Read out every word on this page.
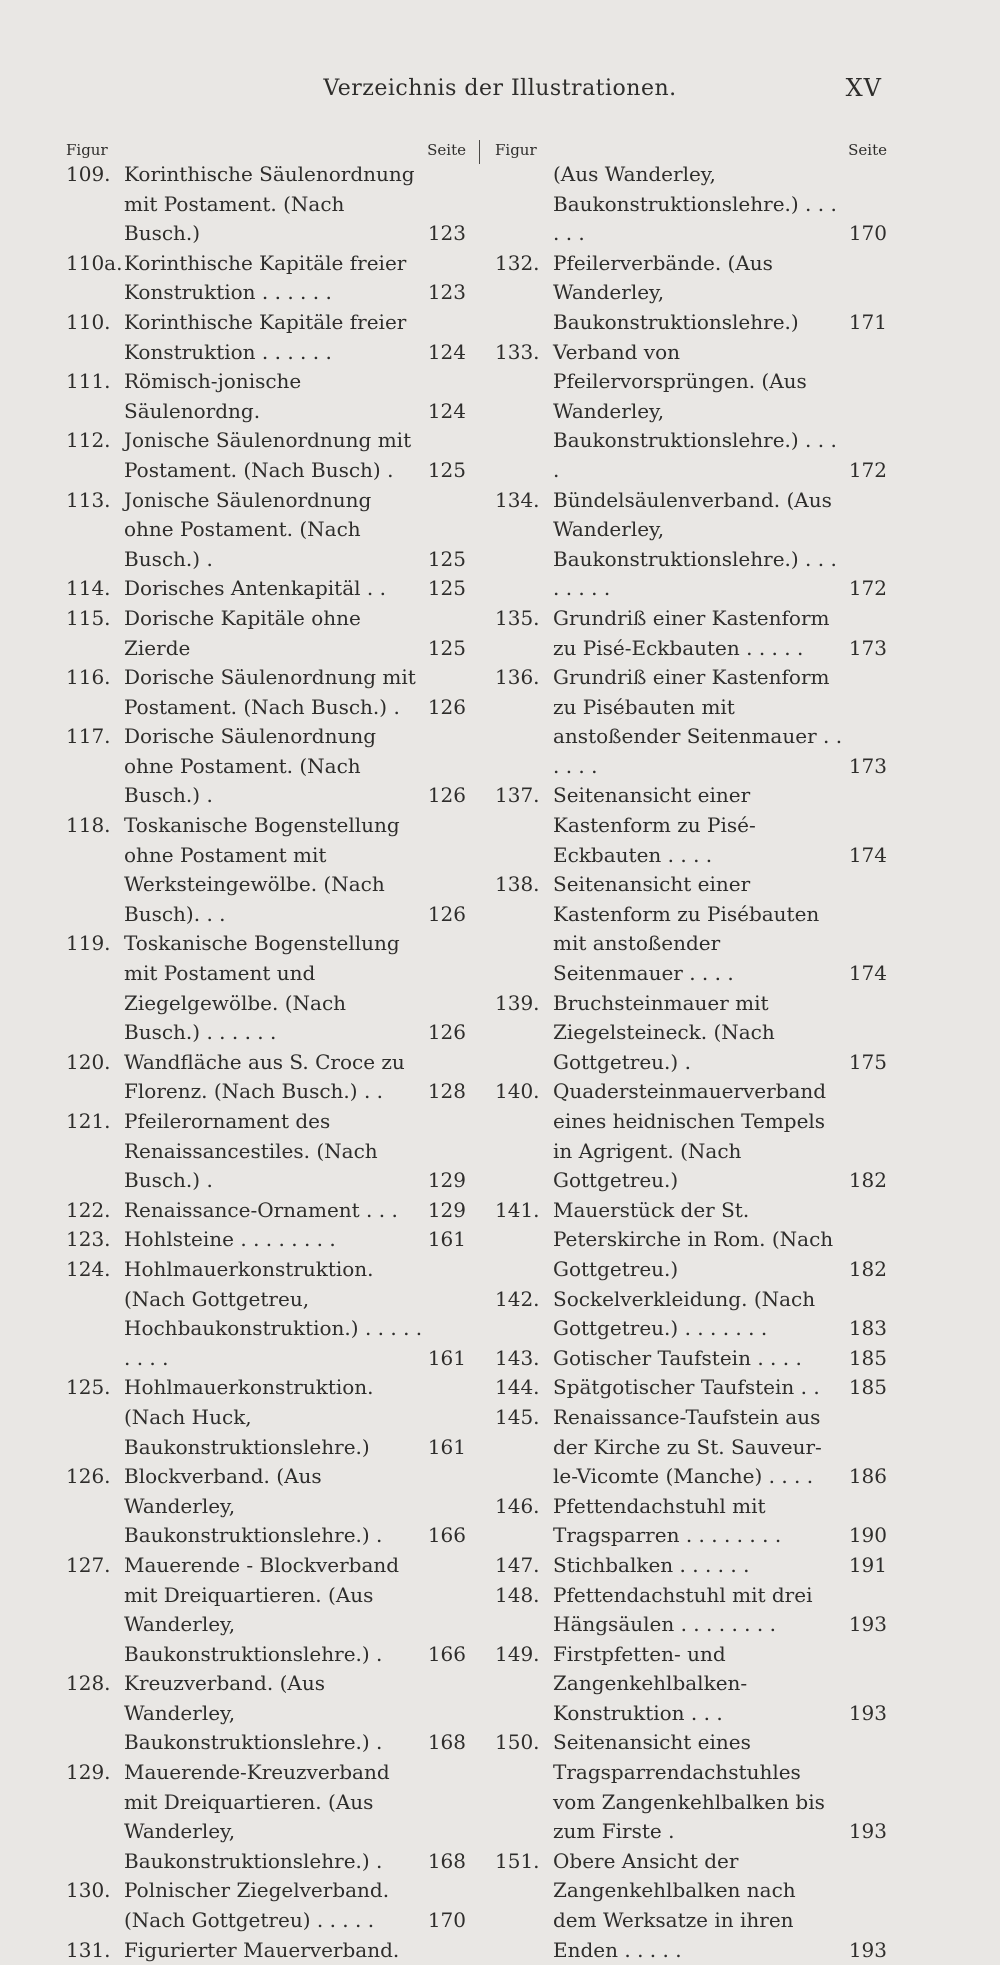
Verzeichnis der Illustrationen.	XV
Figur	Seite
109. Korinthische Säulenordnung mit Postament. (Nach Busch.)	123
110a. Korinthische Kapitäle freier Konstruktion . . . . . .	123
110. Korinthische Kapitäle freier Konstruktion . . . . . .	124
111. Römisch-jonische Säulenordng.	124
112. Jonische Säulenordnung mit Postament. (Nach Busch) .	125
113. Jonische Säulenordnung ohne Postament. (Nach Busch.) .	125
114. Dorisches Antenkapitäl . .	125
115. Dorische Kapitäle ohne Zierde	125
116. Dorische Säulenordnung mit Postament. (Nach Busch.) .	126
117. Dorische Säulenordnung ohne Postament. (Nach Busch.) .	126
118. Toskanische Bogenstellung ohne Postament mit Werksteingewölbe. (Nach Busch). . .	126
119. Toskanische Bogenstellung mit Postament und Ziegelgewölbe. (Nach Busch.) . . . . . .	126
120. Wandfläche aus S. Croce zu Florenz. (Nach Busch.) . .	128
121. Pfeilerornament des Renaissancestiles. (Nach Busch.) .	129
122. Renaissance-Ornament . . .	129
123. Hohlsteine . . . . . . . .	161
124. Hohlmauerkonstruktion. (Nach Gottgetreu, Hochbaukonstruktion.) . . . . . . . . .	161
125. Hohlmauerkonstruktion. (Nach Huck, Baukonstruktionslehre.)	161
126. Blockverband. (Aus Wanderley, Baukonstruktionslehre.) .	166
127. Mauerende - Blockverband mit Dreiquartieren. (Aus Wanderley, Baukonstruktionslehre.) .	166
128. Kreuzverband. (Aus Wanderley, Baukonstruktionslehre.) .	168
129. Mauerende-Kreuzverband mit Dreiquartieren. (Aus Wanderley, Baukonstruktionslehre.) .	168
130. Polnischer Ziegelverband. (Nach Gottgetreu) . . . . .	170
131. Figurierter Mauerverband.
Figur	Seite
(Aus Wanderley, Baukonstruktionslehre.) . . . . . .	170
132. Pfeilerverbände. (Aus Wanderley, Baukonstruktionslehre.)	171
133. Verband von Pfeilervorsprüngen. (Aus Wanderley, Baukonstruktionslehre.) . . . .	172
134. Bündelsäulenverband. (Aus Wanderley, Baukonstruktionslehre.) . . . . . . . .	172
135. Grundriß einer Kastenform zu Pisé-Eckbauten . . . . .	173
136. Grundriß einer Kastenform zu Pisébauten mit anstoßender Seitenmauer . . . . . .	173
137. Seitenansicht einer Kastenform zu Pisé-Eckbauten . . . .	174
138. Seitenansicht einer Kastenform zu Pisébauten mit anstoßender Seitenmauer . . . .	174
139. Bruchsteinmauer mit Ziegelsteineck. (Nach Gottgetreu.) .	175
140. Quadersteinmauerverband eines heidnischen Tempels in Agrigent. (Nach Gottgetreu.)	182
141. Mauerstück der St. Peterskirche in Rom. (Nach Gottgetreu.)	182
142. Sockelverkleidung. (Nach Gottgetreu.) . . . . . . .	183
143. Gotischer Taufstein . . . .	185
144. Spätgotischer Taufstein . .	185
145. Renaissance-Taufstein aus der Kirche zu St. Sauveur-le-Vicomte (Manche) . . . .	186
146. Pfettendachstuhl mit Tragsparren . . . . . . . .	190
147. Stichbalken . . . . . .	191
148. Pfettendachstuhl mit drei Hängsäulen . . . . . . . .	193
149. Firstpfetten- und Zangenkehlbalken-Konstruktion . . .	193
150. Seitenansicht eines Tragsparrendachstuhles vom Zangenkehlbalken bis zum Firste .	193
151. Obere Ansicht der Zangenkehlbalken nach dem Werksatze in ihren Enden . . . . .	193
